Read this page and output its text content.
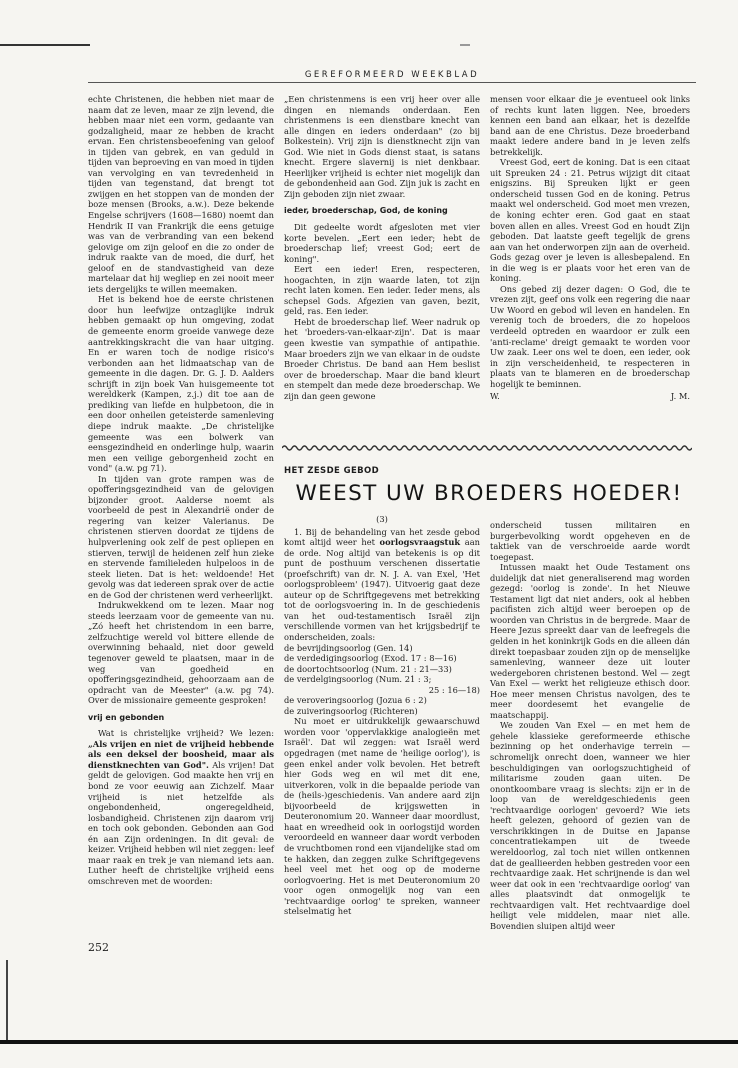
GEREFORMEERD WEEKBLAD

echte Christenen, die hebben niet maar de naam dat ze leven, maar ze zijn levend, die hebben maar niet een vorm, gedaante van godzaligheid, maar ze hebben de kracht ervan. Een christensbeoefening van geloof in tijden van gebrek, en van geduld in tijden van beproeving en van moed in tijden van vervolging en van tevredenheid in tijden van tegenstand, dat brengt tot zwijgen en het stoppen van de monden der boze mensen (Brooks, a.w.). Deze bekende Engelse schrijvers (1608—1680) noemt dan Hendrik II van Frankrijk die eens getuige was van de verbranding van een bekend gelovige om zijn geloof en die zo onder de indruk raakte van de moed, die durf, het geloof en de standvastigheid van deze martelaar dat hij wegliep en zei nooit meer iets dergelijks te willen meemaken.

Het is bekend hoe de eerste christenen door hun leefwijze ontzaglijke indruk hebben gemaakt op hun omgeving, zodat de gemeente enorm groeide vanwege deze aantrekkingskracht die van haar uitging. En er waren toch de nodige risico's verbonden aan het lidmaatschap van de gemeente in die dagen. Dr. G. J. D. Aalders schrijft in zijn boek Van huisgemeente tot wereldkerk (Kampen, z.j.) dit toe aan de prediking van liefde en hulpbetoon, die in een door onheilen geteisterde samenleving diepe indruk maakte. „De christelijke gemeente was een bolwerk van eensgezindheid en onderlinge hulp, waarin men een veilige geborgenheid zocht en vond" (a.w. pg 71).

In tijden van grote rampen was de opofferingsgezindheid van de gelovigen bijzonder groot. Aalderse noemt als voorbeeld de pest in Alexandrië onder de regering van keizer Valerianus. De christenen stierven doordat ze tijdens de hulpverlening ook zelf de pest opliepen en stierven, terwijl de heidenen zelf hun zieke en stervende familieleden hulpeloos in de steek lieten. Dat is het: weldoende! Het gevolg was dat iedereen sprak over de actie en de God der christenen werd verheerlijkt.

Indrukwekkend om te lezen. Maar nog steeds leerzaam voor de gemeente van nu. „Zó heeft het christendom in een barre, zelfzuchtige wereld vol bittere ellende de overwinning behaald, niet door geweld tegenover geweld te plaatsen, maar in de weg van goedheid en opofferingsgezindheid, gehoorzaam aan de opdracht van de Meester" (a.w. pg 74). Over de missionaire gemeente gesproken!

vrij en gebonden

Wat is christelijke vrijheid? We lezen: „Als vrijen en niet de vrijheid hebbende als een deksel der boosheid, maar als dienstknechten van God". Als vrijen! Dat geldt de gelovigen. God maakte hen vrij en bond ze voor eeuwig aan Zichzelf. Maar vrijheid is niet hetzelfde als ongebondenheid, ongeregeldheid, losbandigheid. Christenen zijn daarom vrij en toch ook gebonden. Gebonden aan God én aan Zijn ordeningen. In dit geval: de keizer. Vrijheid hebben wil niet zeggen: leef maar raak en trek je van niemand iets aan. Luther heeft de christelijke vrijheid eens omschreven met de woorden:

„Een christenmens is een vrij heer over alle dingen en niemands onderdaan. Een christenmens is een dienstbare knecht van alle dingen en ieders onderdaan" (zo bij Bolkestein). Vrij zijn is dienstknecht zijn van God. Wie niet in Gods dienst staat, is satans knecht. Ergere slavernij is niet denkbaar. Heerlijker vrijheid is echter niet mogelijk dan de gebondenheid aan God. Zijn juk is zacht en Zijn geboden zijn niet zwaar.

ieder, broederschap, God, de koning

Dit gedeelte wordt afgesloten met vier korte bevelen. „Eert een ieder; hebt de broederschap lief; vreest God; eert de koning".

Eert een ieder! Eren, respecteren, hoogachten, in zijn waarde laten, tot zijn recht laten komen. Een ieder. Ieder mens, als schepsel Gods. Afgezien van gaven, bezit, geld, ras. Een ieder.

Hebt de broederschap lief. Weer nadruk op het 'broeders-van-elkaar-zijn'. Dat is maar geen kwestie van sympathie of antipathie. Maar broeders zijn we van elkaar in de oudste Broeder Christus. De band aan Hem beslist over de broederschap. Maar die band kleurt en stempelt dan mede deze broederschap. We zijn dan geen gewone

mensen voor elkaar die je eventueel ook links of rechts kunt laten liggen. Nee, broeders kennen een band aan elkaar, het is dezelfde band aan de ene Christus. Deze broederband maakt iedere andere band in je leven zelfs betrekkelijk.

Vreest God, eert de koning. Dat is een citaat uit Spreuken 24 : 21. Petrus wijzigt dit citaat enigszins. Bij Spreuken lijkt er geen onderscheid tussen God en de koning. Petrus maakt wel onderscheid. God moet men vrezen, de koning echter eren. God gaat en staat boven allen en alles. Vreest God en houdt Zijn geboden. Dat laatste geeft tegelijk de grens aan van het onderworpen zijn aan de overheid. Gods gezag over je leven is allesbepalend. En in die weg is er plaats voor het eren van de koning.

Ons gebed zij dezer dagen: O God, die te vrezen zijt, geef ons volk een regering die naar Uw Woord en gebod wil leven en handelen. En verenig toch de broeders, die zo hopeloos verdeeld optreden en waardoor er zulk een 'anti-reclame' dreigt gemaakt te worden voor Uw zaak. Leer ons wel te doen, een ieder, ook in zijn verscheidenheid, te respecteren in plaats van te blameren en de broederschap hogelijk te beminnen.

W.	J. M.

HET ZESDE GEBOD
WEEST UW BROEDERS HOEDER!

(3)

1. Bij de behandeling van het zesde gebod komt altijd weer het oorlogsvraagstuk aan de orde. Nog altijd van betekenis is op dit punt de posthuum verschenen dissertatie (proefschrift) van dr. N. J. A. van Exel, 'Het oorlogsprobleem' (1947). Uitvoerig gaat deze auteur op de Schriftgegevens met betrekking tot de oorlogsvoering in. In de geschiedenis van het oud-testamentisch Israël zijn verschillende vormen van het krijgsbedrijf te onderscheiden, zoals:

de bevrijdingsoorlog (Gen. 14)

de verdedigingsoorlog (Exod. 17 : 8—16)

de doortochtsoorlog (Num. 21 : 21—33)

de verdelgingsoorlog (Num. 21 : 3;

25 : 16—18)

de veroveringsoorlog (Jozua 6 : 2)

de zuiveringsoorlog (Richteren)

Nu moet er uitdrukkelijk gewaarschuwd worden voor 'oppervlakkige analogieën met Israël'. Dat wil zeggen: wat Israël werd opgedragen (met name de 'heilige oorlog'), is geen enkel ander volk bevolen. Het betreft hier Gods weg en wil met dit ene, uitverkoren, volk in die bepaalde periode van de (heils-)geschiedenis. Van andere aard zijn bijvoorbeeld de krijgswetten in Deuteronomium 20. Wanneer daar moordlust, haat en wreedheid ook in oorlogstijd worden veroordeeld en wanneer daar wordt verboden de vruchtbomen rond een vijandelijke stad om te hakken, dan zeggen zulke Schriftgegevens heel veel met het oog op de moderne oorlogvoering. Het is met Deuteronomium 20 voor ogen onmogelijk nog van een 'rechtvaardige oorlog' te spreken, wanneer stelselmatig het

onderscheid tussen militairen en burgerbevolking wordt opgeheven en de taktiek van de verschroeide aarde wordt toegepast.

Intussen maakt het Oude Testament ons duidelijk dat niet generaliserend mag worden gezegd: 'oorlog is zonde'. In het Nieuwe Testament ligt dat niet anders, ook al hebben pacifisten zich altijd weer beroepen op de woorden van Christus in de bergrede. Maar de Heere Jezus spreekt daar van de leefregels die gelden in het koninkrijk Gods en die alleen dán direkt toepasbaar zouden zijn op de menselijke samenleving, wanneer deze uit louter wedergeboren christenen bestond. Wel — zegt Van Exel — werkt het religieuze ethisch door. Hoe meer mensen Christus navolgen, des te meer doordesemt het evangelie de maatschappij.

We zouden Van Exel — en met hem de gehele klassieke gereformeerde ethische bezinning op het onderhavige terrein — schromelijk onrecht doen, wanneer we hier beschuldigingen van oorlogszuchtigheid of militarisme zouden gaan uiten. De onontkoombare vraag is slechts: zijn er in de loop van de wereldgeschiedenis geen 'rechtvaardige oorlogen' gevoerd? Wie iets heeft gelezen, gehoord of gezien van de verschrikkingen in de Duitse en Japanse concentratiekampen uit de tweede wereldoorlog, zal toch niet willen ontkennen dat de geallieerden hebben gestreden voor een rechtvaardige zaak. Het schrijnende is dan wel weer dat ook in een 'rechtvaardige oorlog' van alles plaatsvindt dat onmogelijk te rechtvaardigen valt. Het rechtvaardige doel heiligt vele middelen, maar niet alle. Bovendien sluipen altijd weer

252
